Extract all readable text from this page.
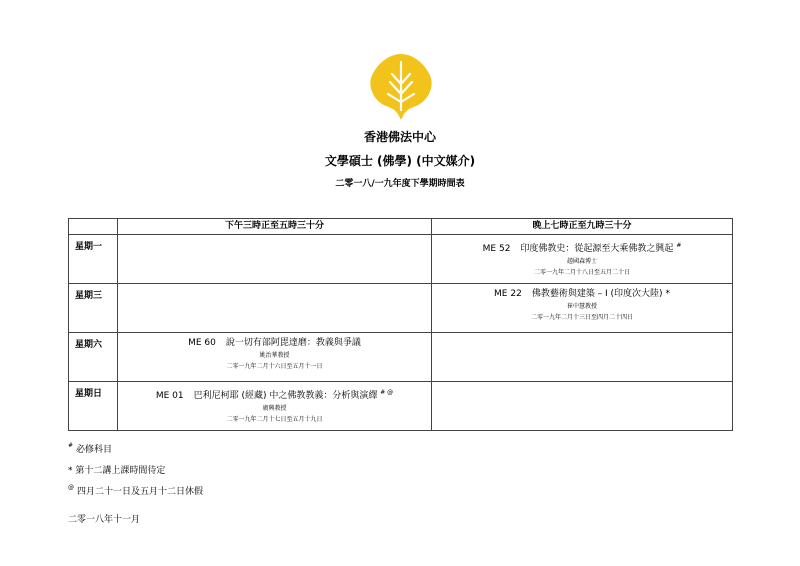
香港佛法中心
文學碩士 (佛學) (中文媒介)
二零一八/一九年度下學期時間表
	下午三時正至五時三十分	晚上七時正至九時三十分
星期一		ME 52 印度佛教史：從起源至大乘佛教之興起 #
趙國森博士
二零一九年二月十八日至五月二十日

星期三		ME 22 佛教藝術與建築 – I (印度次大陸) *
崔中慧教授
二零一九年二月十三日至四月二十四日

星期六	ME 60 說一切有部阿毘達磨：教義與爭議
姚治華教授
二零一九年二月十六日至五月十一日	

星期日	ME 01 巴利尼柯耶 (經藏) 中之佛教教義：分析與演繹 # @
廣興教授
二零一九年二月十七日至五月十九日	

# 必修科目
* 第十二講上課時間待定
@ 四月二十一日及五月十二日休假
二零一八年十一月
